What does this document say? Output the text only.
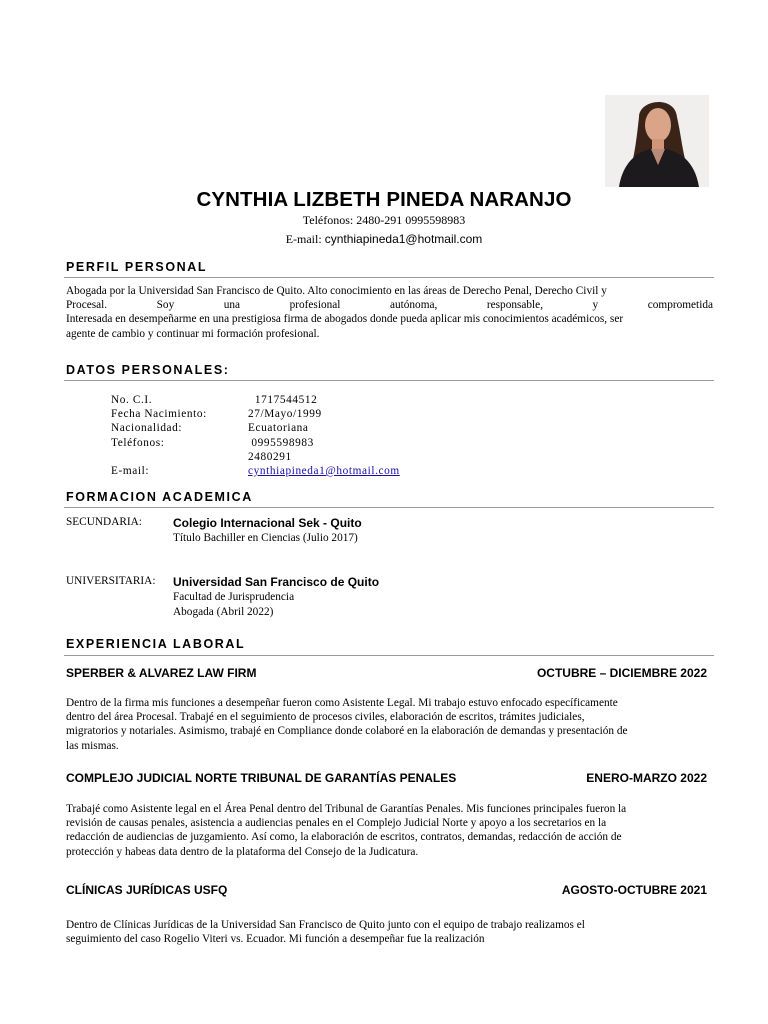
CYNTHIA LIZBETH PINEDA NARANJO
Teléfonos: 2480-291 0995598983
E-mail: cynthiapineda1@hotmail.com
PERFIL PERSONAL
Abogada por la Universidad San Francisco de Quito. Alto conocimiento en las áreas de Derecho Penal, Derecho Civil y
Procesal. Soy una profesional autónoma, responsable, y comprometida
Interesada en desempeñarme en una prestigiosa firma de abogados donde pueda aplicar mis conocimientos académicos, ser
agente de cambio y continuar mi formación profesional.
DATOS PERSONALES:
No. C.I.	1717544512
Fecha Nacimiento:	27/Mayo/1999
Nacionalidad:	Ecuatoriana
Teléfonos:	0995598983
2480291
E-mail:	cynthiapineda1@hotmail.com
FORMACION ACADEMICA
SECUNDARIA:	Colegio Internacional Sek - Quito
Título Bachiller en Ciencias (Julio 2017)
UNIVERSITARIA: Universidad San Francisco de Quito
Facultad de Jurisprudencia
Abogada (Abril 2022)
EXPERIENCIA LABORAL
SPERBER & ALVAREZ LAW FIRM	OCTUBRE – DICIEMBRE 2022
Dentro de la firma mis funciones a desempeñar fueron como Asistente Legal. Mi trabajo estuvo enfocado específicamente
dentro del área Procesal. Trabajé en el seguimiento de procesos civiles, elaboración de escritos, trámites judiciales,
migratorios y notariales. Asimismo, trabajé en Compliance donde colaboré en la elaboración de demandas y presentación de
las mismas.
COMPLEJO JUDICIAL NORTE TRIBUNAL DE GARANTÍAS PENALES	ENERO-MARZO 2022
Trabajé como Asistente legal en el Área Penal dentro del Tribunal de Garantías Penales. Mis funciones principales fueron la
revisión de causas penales, asistencia a audiencias penales en el Complejo Judicial Norte y apoyo a los secretarios en la
redacción de audiencias de juzgamiento. Así como, la elaboración de escritos, contratos, demandas, redacción de acción de
protección y habeas data dentro de la plataforma del Consejo de la Judicatura.
CLÍNICAS JURÍDICAS USFQ	AGOSTO-OCTUBRE 2021
Dentro de Clínicas Jurídicas de la Universidad San Francisco de Quito junto con el equipo de trabajo realizamos el
seguimiento del caso Rogelio Viteri vs. Ecuador. Mi función a desempeñar fue la realización
